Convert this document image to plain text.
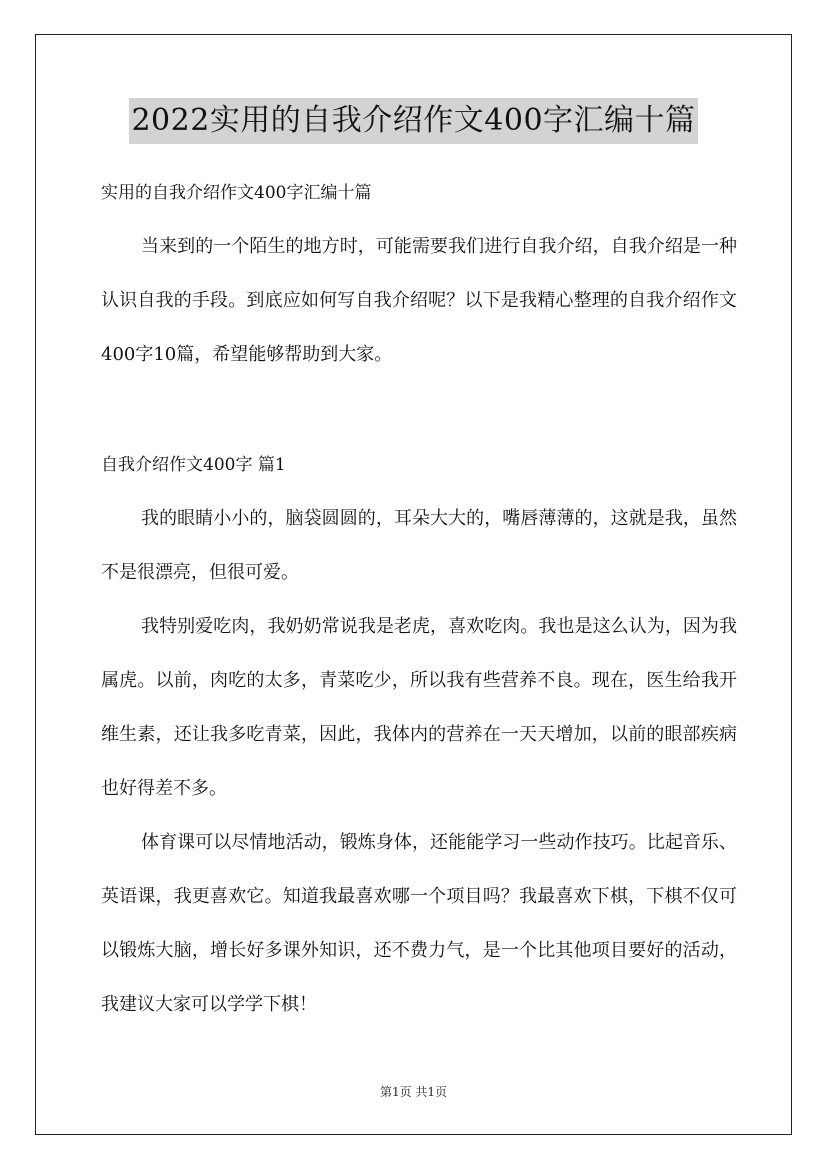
2022实用的自我介绍作文400字汇编十篇
实用的自我介绍作文400字汇编十篇

当来到的一个陌生的地方时，可能需要我们进行自我介绍，自我介绍是一种认识自我的手段。到底应如何写自我介绍呢？以下是我精心整理的自我介绍作文400字10篇，希望能够帮助到大家。

自我介绍作文400字 篇1

我的眼睛小小的，脑袋圆圆的，耳朵大大的，嘴唇薄薄的，这就是我，虽然不是很漂亮，但很可爱。

我特别爱吃肉，我奶奶常说我是老虎，喜欢吃肉。我也是这么认为，因为我属虎。以前，肉吃的太多，青菜吃少，所以我有些营养不良。现在，医生给我开维生素，还让我多吃青菜，因此，我体内的营养在一天天增加，以前的眼部疾病也好得差不多。

体育课可以尽情地活动，锻炼身体，还能能学习一些动作技巧。比起音乐、英语课，我更喜欢它。知道我最喜欢哪一个项目吗？我最喜欢下棋，下棋不仅可以锻炼大脑，增长好多课外知识，还不费力气，是一个比其他项目要好的活动，我建议大家可以学学下棋！

第1页 共1页
